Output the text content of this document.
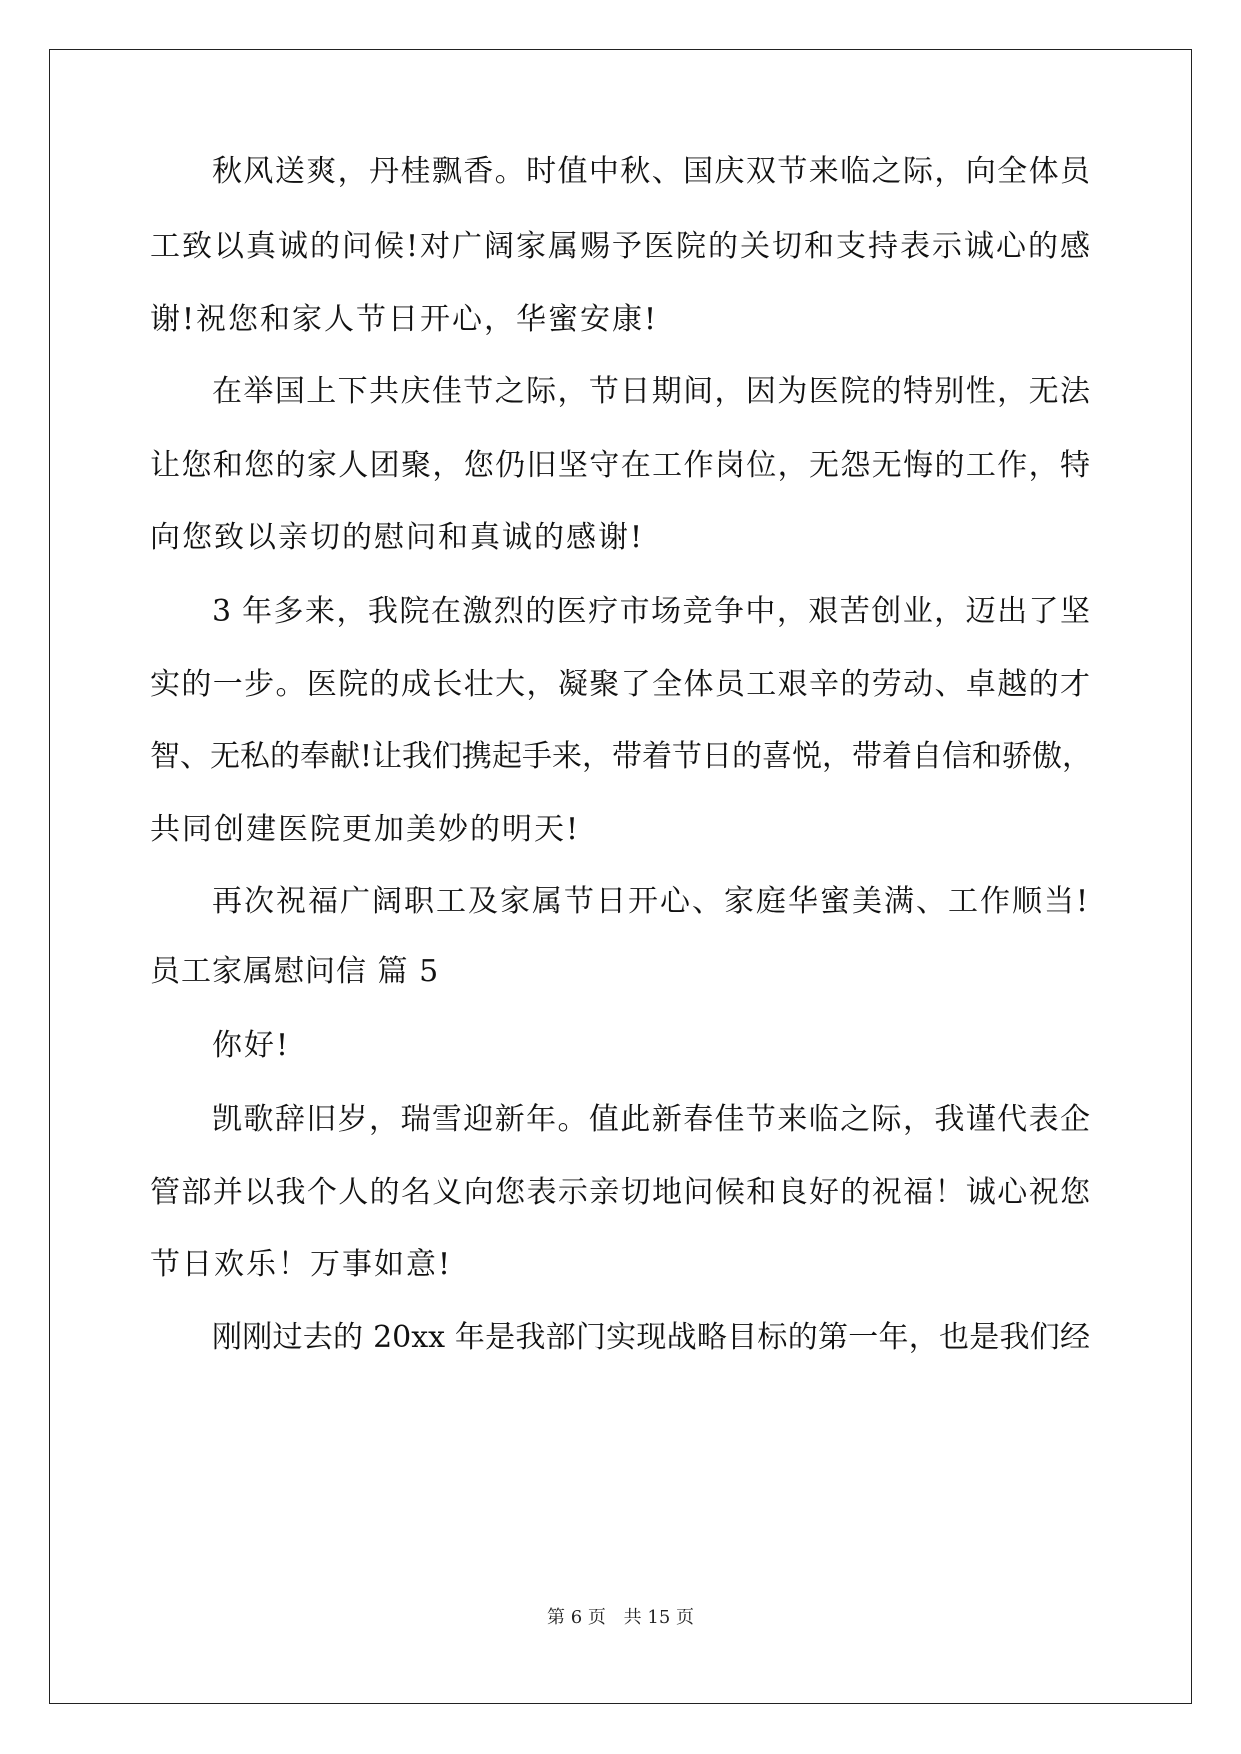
秋风送爽，丹桂飘香。时值中秋、国庆双节来临之际，向全体员
工致以真诚的问候!对广阔家属赐予医院的关切和支持表示诚心的感
谢!祝您和家人节日开心，华蜜安康!
在举国上下共庆佳节之际，节日期间，因为医院的特别性，无法
让您和您的家人团聚，您仍旧坚守在工作岗位，无怨无悔的工作，特
向您致以亲切的慰问和真诚的感谢!
3 年多来，我院在激烈的医疗市场竞争中，艰苦创业，迈出了坚
实的一步。医院的成长壮大，凝聚了全体员工艰辛的劳动、卓越的才
智、无私的奉献!让我们携起手来，带着节日的喜悦，带着自信和骄傲，
共同创建医院更加美妙的明天!
再次祝福广阔职工及家属节日开心、家庭华蜜美满、工作顺当!
员工家属慰问信 篇 5
你好!
凯歌辞旧岁，瑞雪迎新年。值此新春佳节来临之际，我谨代表企
管部并以我个人的名义向您表示亲切地问候和良好的祝福！诚心祝您
节日欢乐！万事如意!
刚刚过去的 20xx 年是我部门实现战略目标的第一年，也是我们经
第 6 页 共 15 页
